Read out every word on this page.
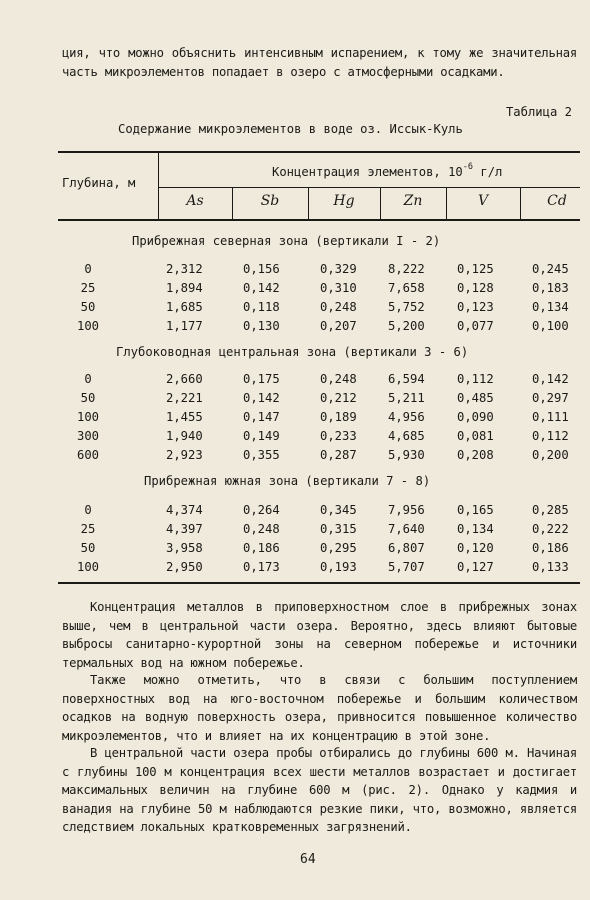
ция, что можно объяснить интенсивным испарением, к тому же значительная часть микроэлементов попадает в озеро с атмосферными осадками.
Таблица 2
Содержание микроэлементов в воде оз. Иссык-Куль
Глубина, м
Концентрация элементов, $10^{-6}$ г/л
As	Sb	Hg	Zn	V	Cd
Прибрежная северная зона (вертикали I - 2)
0	2,312	0,156	0,329	8,222	0,125	0,245
25	1,894	0,142	0,310	7,658	0,128	0,183
50	1,685	0,118	0,248	5,752	0,123	0,134
100	1,177	0,130	0,207	5,200	0,077	0,100
Глубоководная центральная зона (вертикали 3 - 6)
0	2,660	0,175	0,248	6,594	0,112	0,142
50	2,221	0,142	0,212	5,211	0,485	0,297
100	1,455	0,147	0,189	4,956	0,090	0,111
300	1,940	0,149	0,233	4,685	0,081	0,112
600	2,923	0,355	0,287	5,930	0,208	0,200
Прибрежная южная зона (вертикали 7 - 8)
0	4,374	0,264	0,345	7,956	0,165	0,285
25	4,397	0,248	0,315	7,640	0,134	0,222
50	3,958	0,186	0,295	6,807	0,120	0,186
100	2,950	0,173	0,193	5,707	0,127	0,133
Концентрация металлов в приповерхностном слое в прибрежных зонах выше, чем в центральной части озера. Вероятно, здесь влияют бытовые выбросы санитарно-курортной зоны на северном побережье и источники термальных вод на южном побережье.
Также можно отметить, что в связи с большим поступлением поверхностных вод на юго-восточном побережье и большим количеством осадков на водную поверхность озера, привносится повышенное количество микроэлементов, что и влияет на их концентрацию в этой зоне.
В центральной части озера пробы отбирались до глубины 600 м. Начиная с глубины 100 м концентрация всех шести металлов возрастает и достигает максимальных величин на глубине 600 м (рис. 2). Однако у кадмия и ванадия на глубине 50 м наблюдаются резкие пики, что, возможно, является следствием локальных кратковременных загрязнений.
64
